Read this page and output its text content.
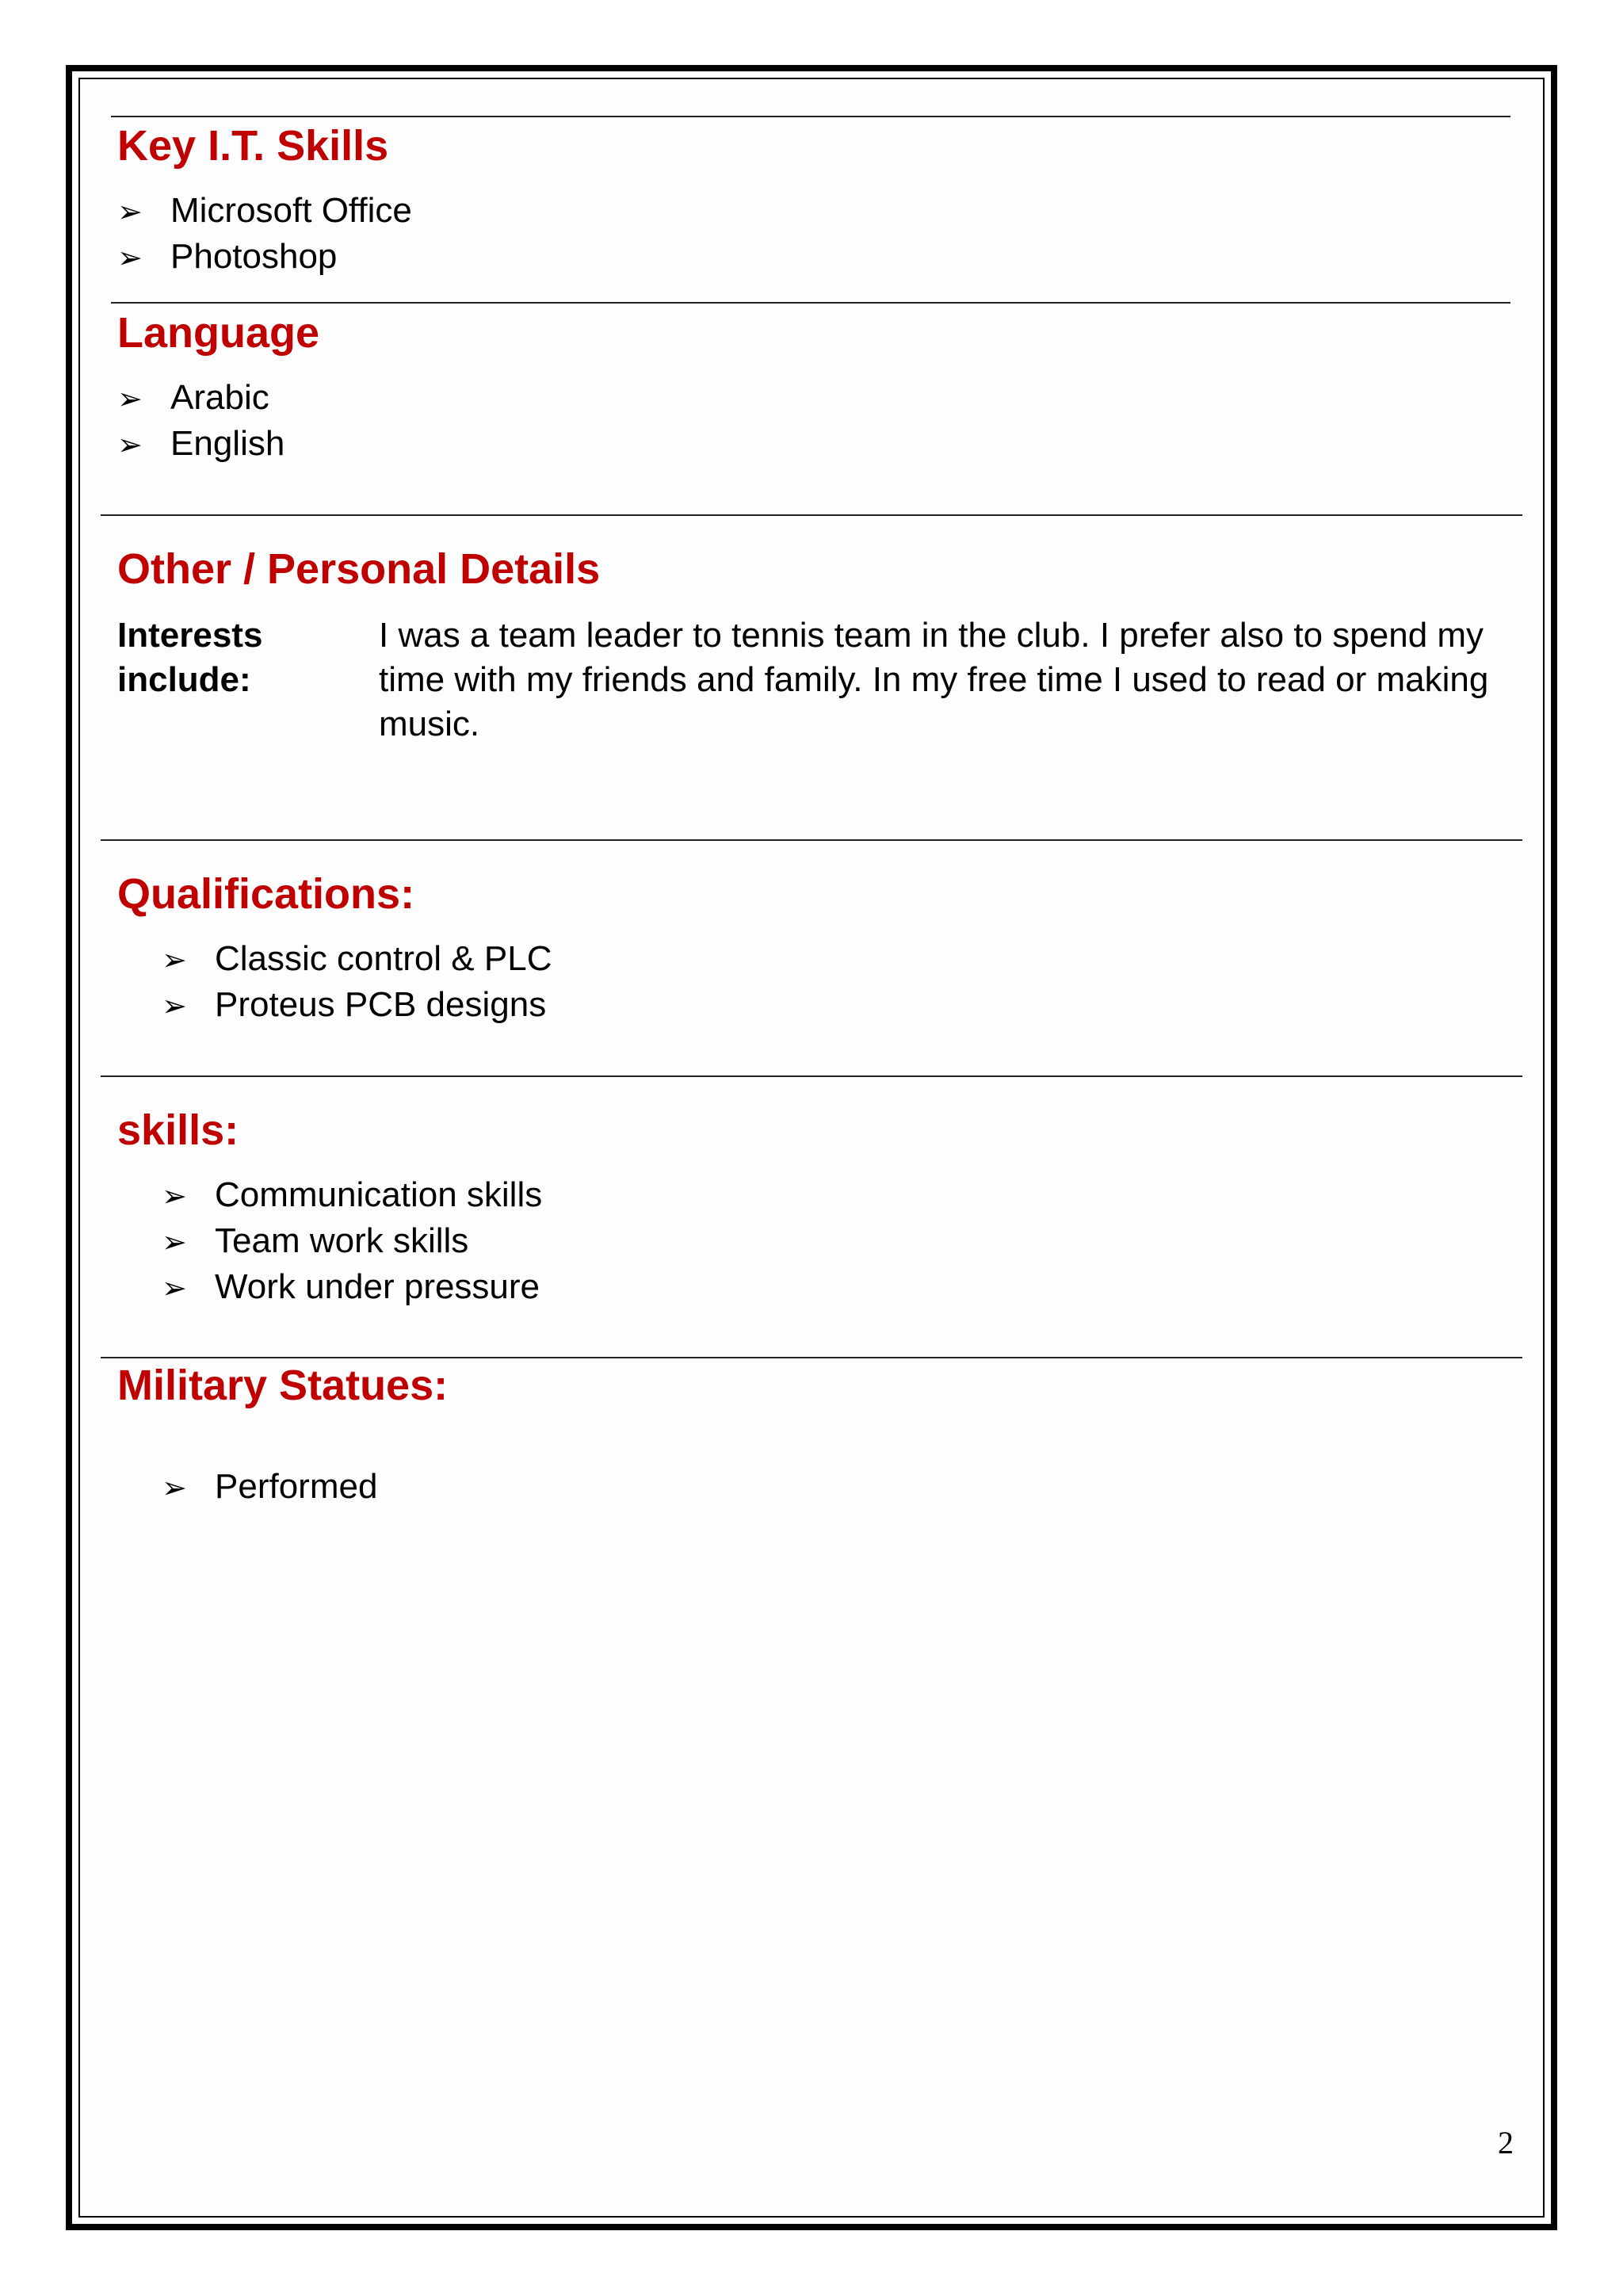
Key I.T. Skills
➢ Microsoft Office
➢ Photoshop
Language
➢ Arabic
➢ English
Other / Personal Details
Interests include:
I was a team leader to tennis team in the club. I prefer also to spend my time with my friends and family. In my free time I used to read or making music.
Qualifications:
➢ Classic control & PLC
➢ Proteus PCB designs
skills:
➢ Communication skills
➢ Team work skills
➢ Work under pressure
Military Statues:
➢ Performed
2
